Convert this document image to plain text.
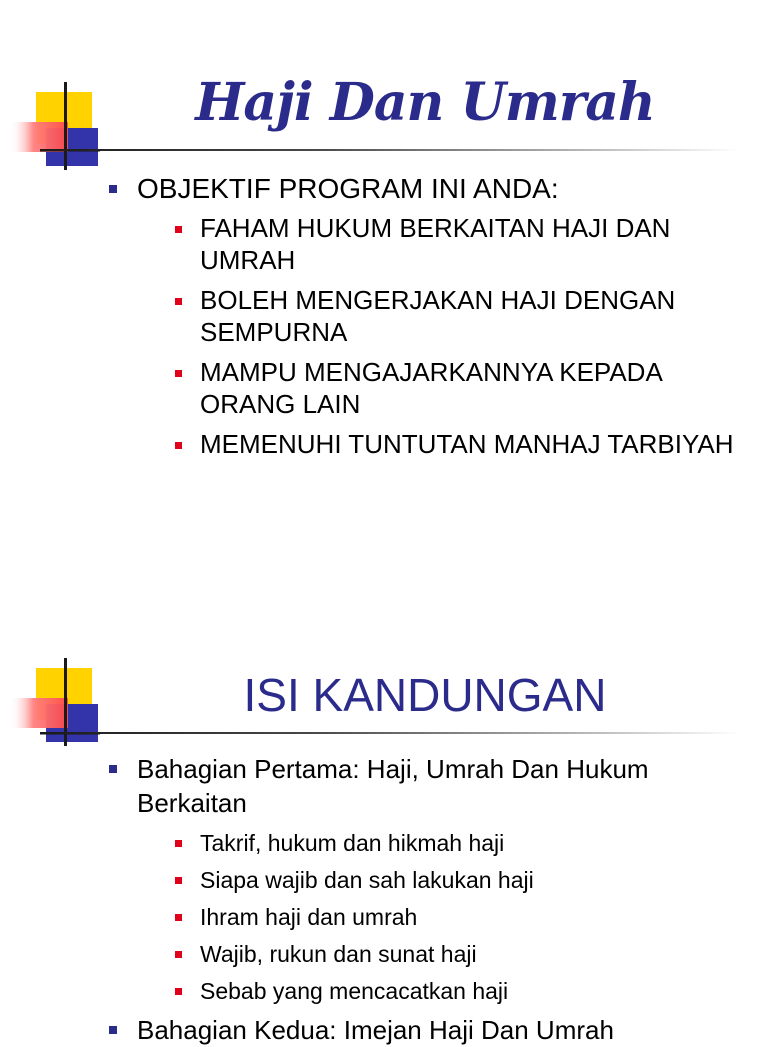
Haji Dan Umrah
OBJEKTIF PROGRAM INI ANDA:
FAHAM HUKUM BERKAITAN HAJI DAN UMRAH
BOLEH MENGERJAKAN HAJI DENGAN SEMPURNA
MAMPU MENGAJARKANNYA KEPADA ORANG LAIN
MEMENUHI TUNTUTAN MANHAJ TARBIYAH
ISI KANDUNGAN
Bahagian Pertama: Haji, Umrah Dan Hukum Berkaitan
Takrif, hukum dan hikmah haji
Siapa wajib dan sah lakukan haji
Ihram haji dan umrah
Wajib, rukun dan sunat haji
Sebab yang mencacatkan haji
Bahagian Kedua: Imejan Haji Dan Umrah
